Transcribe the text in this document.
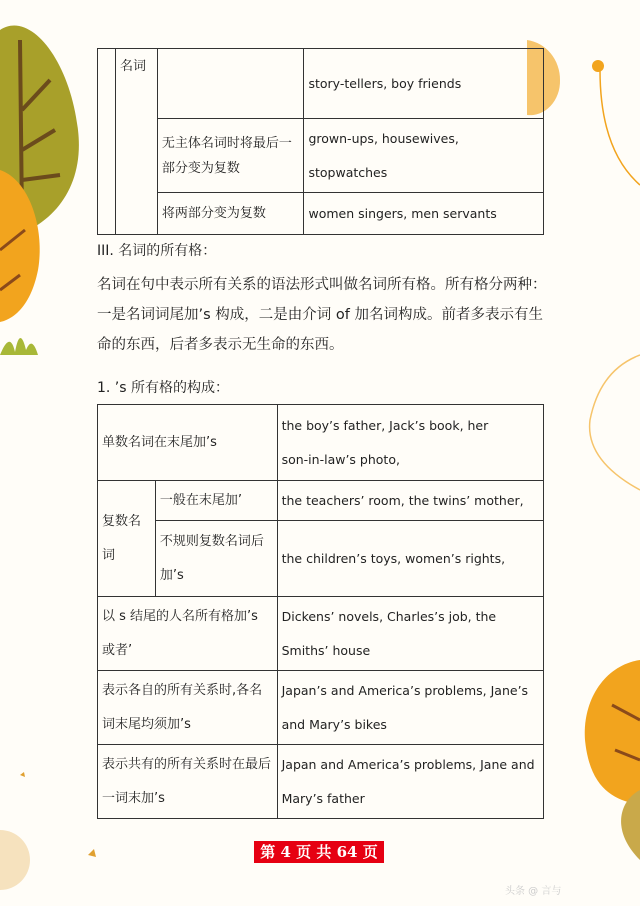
	名词		story-tellers, boy friends
		无主体名词时将最后一部分变为复数	grown-ups, housewives, stopwatches
		将两部分变为复数	women singers, men servants
III. 名词的所有格：
名词在句中表示所有关系的语法形式叫做名词所有格。所有格分两种：一是名词词尾加’s 构成，二是由介词 of 加名词构成。前者多表示有生命的东西，后者多表示无生命的东西。
1. ’s 所有格的构成：
单数名词在末尾加’s		the boy’s father, Jack’s book, her
son-in-law’s photo,

复数名词	一般在末尾加’	the teachers’ room, the twins’ mother,
	不规则复数名词后加’s	the children’s toys, women’s rights,
以 s 结尾的人名所有格加’s 或者’		Dickens’ novels, Charles’s job, the Smiths’ house
表示各自的所有关系时,各名词末尾均须加’s		Japan’s and America’s problems, Jane’s and Mary’s bikes
表示共有的所有关系时在最后一词末加’s		Japan and America’s problems, Jane and Mary’s father
第 4 页 共 64 页
头条 @ 言与
